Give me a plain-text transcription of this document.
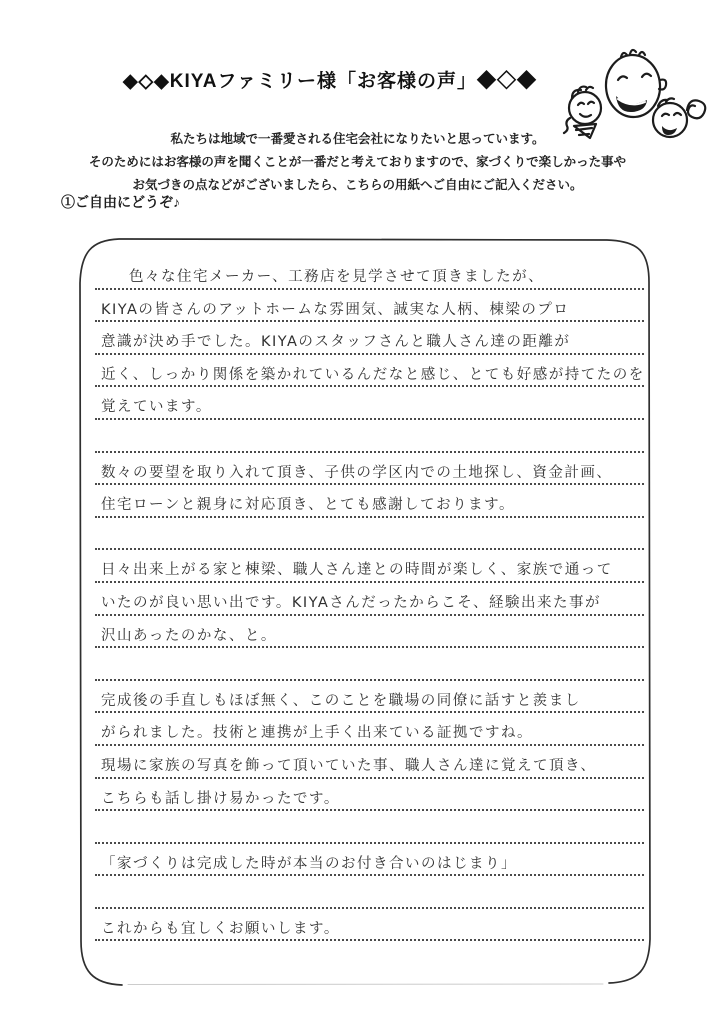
◆◇◆KIYAファミリー様「お客様の声」◆◇◆
私たちは地域で一番愛される住宅会社になりたいと思っています。
そのためにはお客様の声を聞くことが一番だと考えておりますので、家づくりで楽しかった事や
お気づきの点などがございましたら、こちらの用紙へご自由にご記入ください。
①ご自由にどうぞ♪
色々な住宅メーカー、工務店を見学させて頂きましたが、
KIYAの皆さんのアットホームな雰囲気、誠実な人柄、棟梁のプロ
意識が決め手でした。KIYAのスタッフさんと職人さん達の距離が
近く、しっかり関係を築かれているんだなと感じ、とても好感が持てたのを
覚えています。
数々の要望を取り入れて頂き、子供の学区内での土地探し、資金計画、
住宅ローンと親身に対応頂き、とても感謝しております。
日々出来上がる家と棟梁、職人さん達との時間が楽しく、家族で通って
いたのが良い思い出です。KIYAさんだったからこそ、経験出来た事が
沢山あったのかな、と。
完成後の手直しもほぼ無く、このことを職場の同僚に話すと羨まし
がられました。技術と連携が上手く出来ている証拠ですね。
現場に家族の写真を飾って頂いていた事、職人さん達に覚えて頂き、
こちらも話し掛け易かったです。
「家づくりは完成した時が本当のお付き合いのはじまり」
これからも宜しくお願いします。
